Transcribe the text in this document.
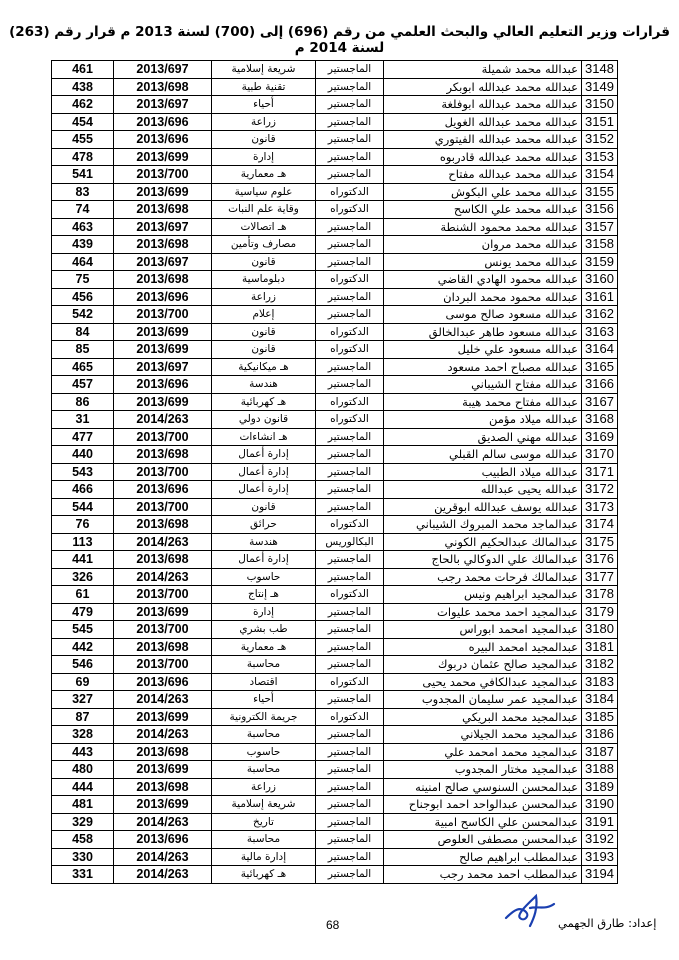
قرارات وزير التعليم العالي والبحث العلمي من رقم (696) إلى (700) لسنة 2013 م قرار رقم (263) لسنة 2014 م
461	2013/697	شريعة إسلامية	الماجستير	عبدالله محمد شميلة	3148
438	2013/698	تقنية طبية	الماجستير	عبدالله محمد عبدالله ابوبكر	3149
462	2013/697	أحياء	الماجستير	عبدالله محمد عبدالله ابوفلغة	3150
454	2013/696	زراعة	الماجستير	عبدالله محمد عبدالله الغويل	3151
455	2013/696	قانون	الماجستير	عبدالله محمد عبدالله الفيتوري	3152
478	2013/699	إدارة	الماجستير	عبدالله محمد عبدالله قادربوه	3153
541	2013/700	هـ معمارية	الماجستير	عبدالله محمد عبدالله مفتاح	3154
83	2013/699	علوم سياسية	الدكتوراه	عبدالله محمد علي البكوش	3155
74	2013/698	وقاية علم النبات	الدكتوراه	عبدالله محمد علي الكاسح	3156
463	2013/697	هـ اتصالات	الماجستير	عبدالله محمد محمود الشنطة	3157
439	2013/698	مصارف وتأمين	الماجستير	عبدالله محمد مروان	3158
464	2013/697	قانون	الماجستير	عبدالله محمد يونس	3159
75	2013/698	دبلوماسية	الدكتوراه	عبدالله محمود الهادي القاضي	3160
456	2013/696	زراعة	الماجستير	عبدالله محمود محمد البردان	3161
542	2013/700	إعلام	الماجستير	عبدالله مسعود صالح موسى	3162
84	2013/699	قانون	الدكتوراه	عبدالله مسعود طاهر عبدالخالق	3163
85	2013/699	قانون	الدكتوراه	عبدالله مسعود علي خليل	3164
465	2013/697	هـ ميكانيكية	الماجستير	عبدالله مصباح احمد مسعود	3165
457	2013/696	هندسة	الماجستير	عبدالله مفتاح الشيباني	3166
86	2013/699	هـ كهربائية	الدكتوراه	عبدالله مفتاح محمد هيبة	3167
31	2014/263	قانون دولي	الدكتوراه	عبدالله ميلاد مؤمن	3168
477	2013/700	هـ انشاءات	الماجستير	عبدالله مهني الصديق	3169
440	2013/698	إدارة أعمال	الماجستير	عبدالله موسى سالم القبلي	3170
543	2013/700	إدارة أعمال	الماجستير	عبدالله ميلاد الطبيب	3171
466	2013/696	إدارة أعمال	الماجستير	عبدالله يحيى عبدالله	3172
544	2013/700	قانون	الماجستير	عبدالله يوسف عبدالله ابوقرين	3173
76	2013/698	حرائق	الدكتوراه	عبدالماجد محمد المبروك الشيباني	3174
113	2014/263	هندسة	البكالوريس	عبدالمالك عبدالحكيم الكوني	3175
441	2013/698	إدارة أعمال	الماجستير	عبدالمالك علي الدوكالي بالحاج	3176
326	2014/263	حاسوب	الماجستير	عبدالمالك فرحات محمد رجب	3177
61	2013/700	هـ إنتاج	الدكتوراه	عبدالمجيد ابراهيم ونيس	3178
479	2013/699	إدارة	الماجستير	عبدالمجيد احمد محمد عليوات	3179
545	2013/700	طب بشري	الماجستير	عبدالمجيد امحمد ابوراس	3180
442	2013/698	هـ معمارية	الماجستير	عبدالمجيد امحمد البيره	3181
546	2013/700	محاسبة	الماجستير	عبدالمجيد صالح عثمان دربوك	3182
69	2013/696	اقتصاد	الدكتوراه	عبدالمجيد عبدالكافي محمد يحيى	3183
327	2014/263	أحياء	الماجستير	عبدالمجيد عمر سليمان المجدوب	3184
87	2013/699	جريمة الكترونية	الدكتوراه	عبدالمجيد محمد البريكي	3185
328	2014/263	محاسبة	الماجستير	عبدالمجيد محمد الجيلاني	3186
443	2013/698	حاسوب	الماجستير	عبدالمجيد محمد امحمد علي	3187
480	2013/699	محاسبة	الماجستير	عبدالمجيد مختار المجدوب	3188
444	2013/698	زراعة	الماجستير	عبدالمحسن السنوسي صالح امنينه	3189
481	2013/699	شريعة إسلامية	الماجستير	عبدالمحسن عبدالواحد احمد ابوجناح	3190
329	2014/263	تاريخ	الماجستير	عبدالمحسن علي الكاسح امبية	3191
458	2013/696	محاسبة	الماجستير	عبدالمحسن مصطفى العلوص	3192
330	2014/263	إدارة مالية	الماجستير	عبدالمطلب ابراهيم صالح	3193
331	2014/263	هـ كهربائية	الماجستير	عبدالمطلب احمد محمد رجب	3194
68	إعداد: طارق الجهمي
